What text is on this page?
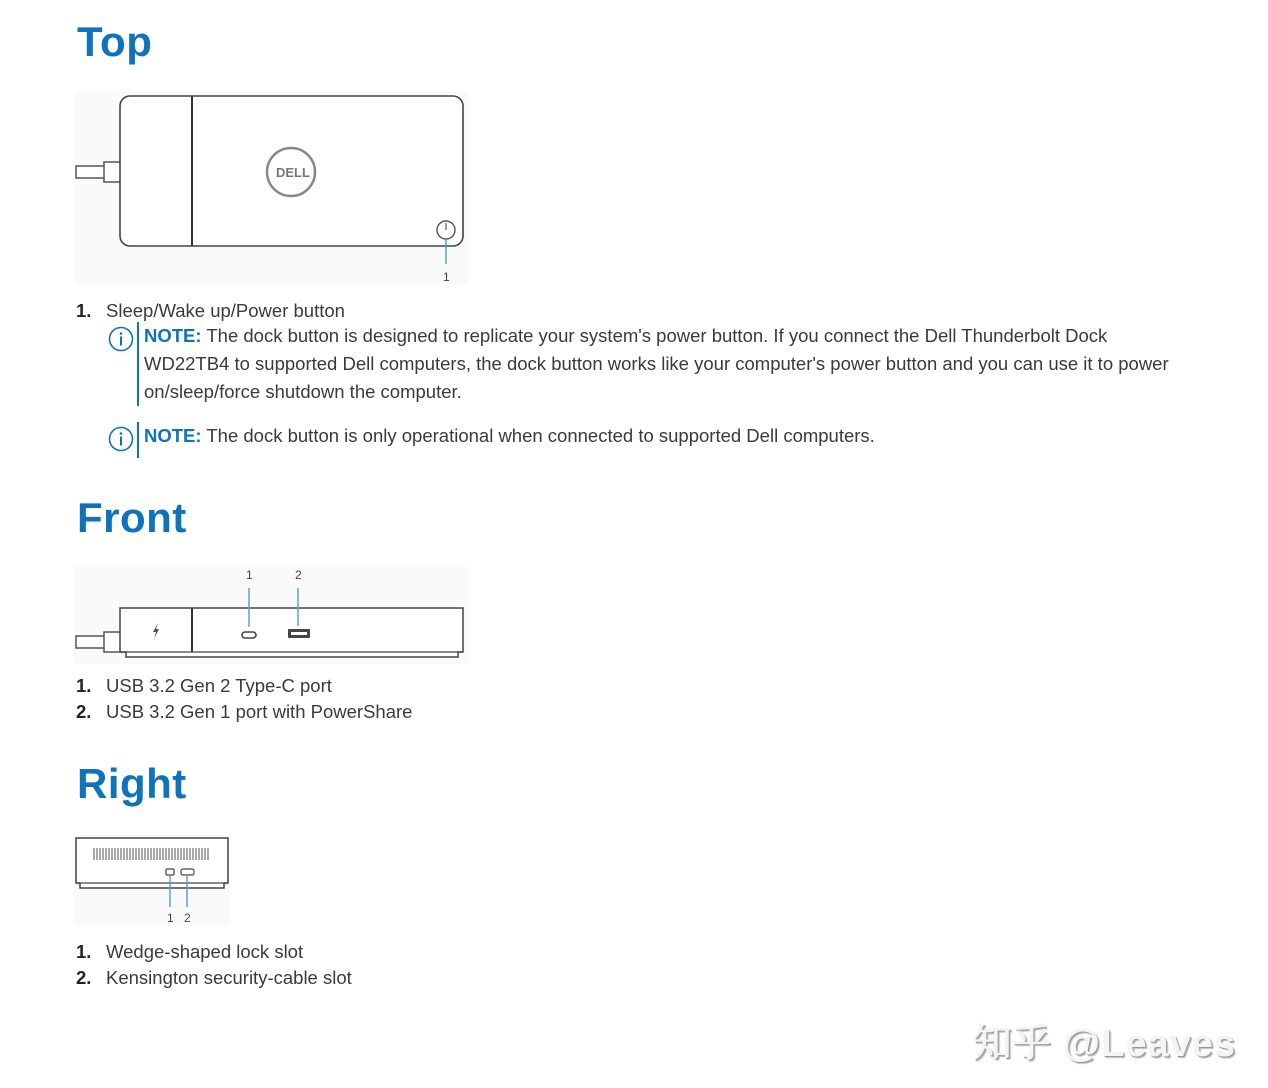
Top
DELL
1
1. Sleep/Wake up/Power button
NOTE: The dock button is designed to replicate your system's power button. If you connect the Dell Thunderbolt Dock WD22TB4 to supported Dell computers, the dock button works like your computer's power button and you can use it to power on/sleep/force shutdown the computer.
NOTE: The dock button is only operational when connected to supported Dell computers.
Front
1	2
1. USB 3.2 Gen 2 Type-C port
2. USB 3.2 Gen 1 port with PowerShare
Right
1 2
1. Wedge-shaped lock slot
2. Kensington security-cable slot
知乎 @Leaves
